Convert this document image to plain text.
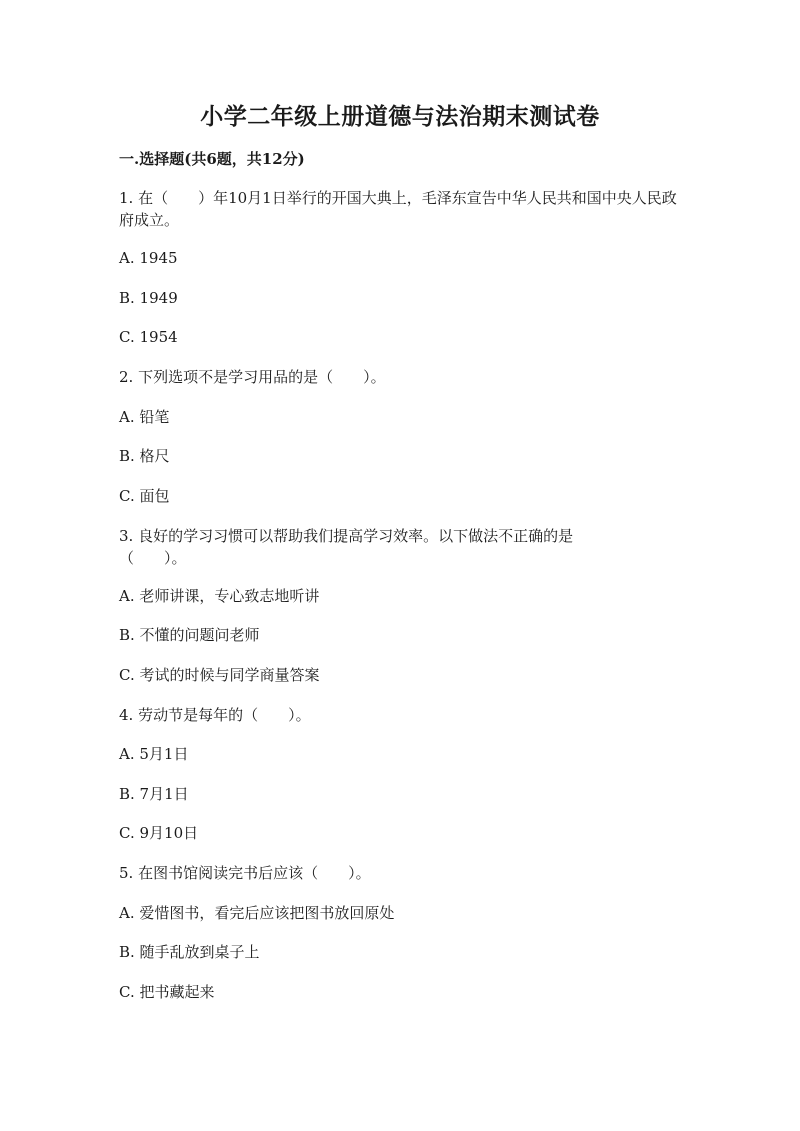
小学二年级上册道德与法治期末测试卷
一.选择题(共6题，共12分)
1. 在（　　）年10月1日举行的开国大典上，毛泽东宣告中华人民共和国中央人民政府成立。
A. 1945
B. 1949
C. 1954
2. 下列选项不是学习用品的是（　　）。
A. 铅笔
B. 格尺
C. 面包
3. 良好的学习习惯可以帮助我们提高学习效率。以下做法不正确的是（　　）。
A. 老师讲课，专心致志地听讲
B. 不懂的问题问老师
C. 考试的时候与同学商量答案
4. 劳动节是每年的（　　）。
A. 5月1日
B. 7月1日
C. 9月10日
5. 在图书馆阅读完书后应该（　　）。
A. 爱惜图书，看完后应该把图书放回原处
B. 随手乱放到桌子上
C. 把书藏起来
